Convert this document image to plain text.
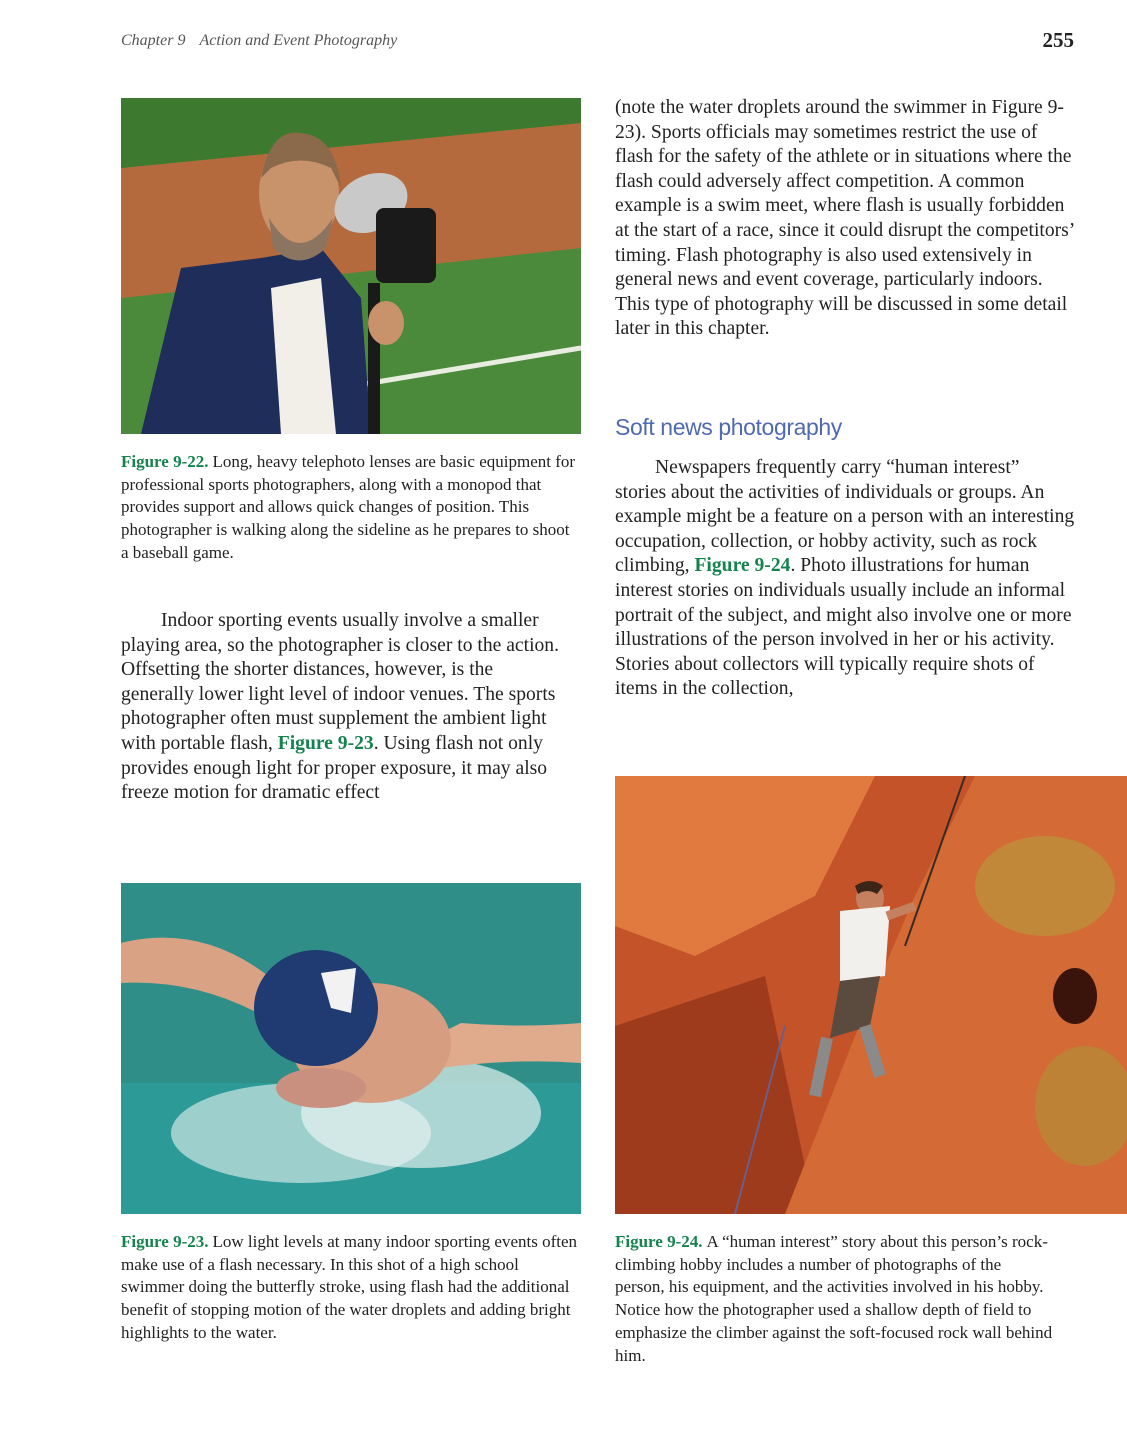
Chapter 9 Action and Event Photography	255
Figure 9-22. Long, heavy telephoto lenses are basic equipment for professional sports photographers, along with a monopod that provides support and allows quick changes of position. This photographer is walking along the sideline as he prepares to shoot a baseball game.

Indoor sporting events usually involve a smaller playing area, so the photographer is closer to the action. Offsetting the shorter distances, however, is the generally lower light level of indoor venues. The sports photographer often must supplement the ambient light with portable flash, Figure 9-23. Using flash not only provides enough light for proper exposure, it may also freeze motion for dramatic effect

Figure 9-23. Low light levels at many indoor sporting events often make use of a flash necessary. In this shot of a high school swimmer doing the butterfly stroke, using flash had the additional benefit of stopping motion of the water droplets and adding bright highlights to the water.

(note the water droplets around the swimmer in Figure 9-23). Sports officials may sometimes restrict the use of flash for the safety of the athlete or in situations where the flash could adversely affect competition. A common example is a swim meet, where flash is usually forbidden at the start of a race, since it could disrupt the competitors’ timing. Flash photography is also used extensively in general news and event coverage, particularly indoors. This type of photography will be discussed in some detail later in this chapter.

Soft news photography

Newspapers frequently carry “human interest” stories about the activities of individuals or groups. An example might be a feature on a person with an interesting occupation, collection, or hobby activity, such as rock climbing, Figure 9-24. Photo illustrations for human interest stories on individuals usually include an informal portrait of the subject, and might also involve one or more illustrations of the person involved in her or his activity. Stories about collectors will typically require shots of items in the collection,

Figure 9-24. A “human interest” story about this person’s rock-climbing hobby includes a number of photographs of the person, his equipment, and the activities involved in his hobby. Notice how the photographer used a shallow depth of field to emphasize the climber against the soft-focused rock wall behind him.
